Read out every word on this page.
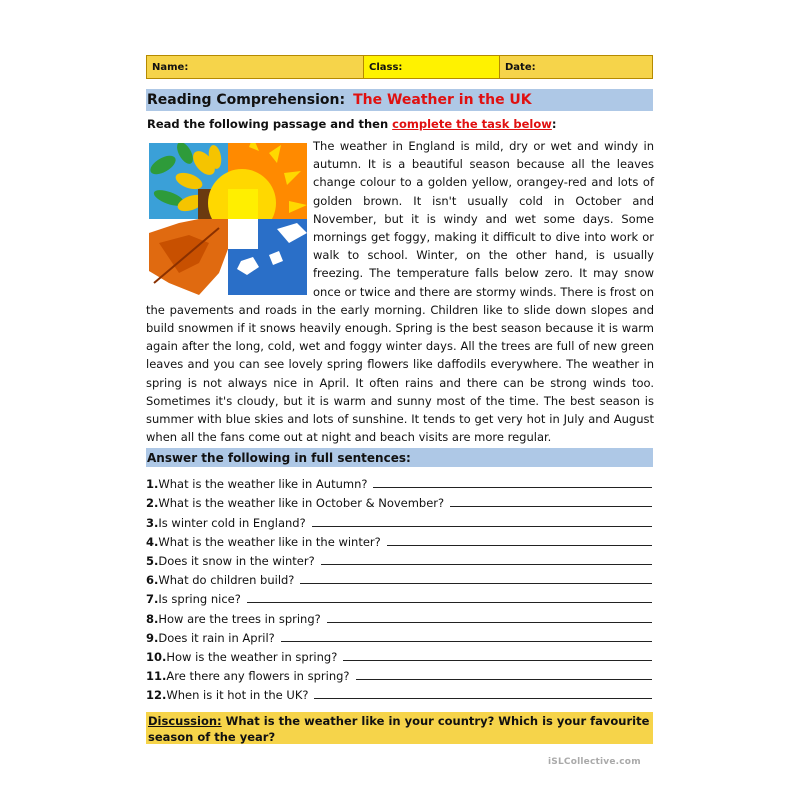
Name:	Class:	Date:
Reading Comprehension: The Weather in the UK
Read the following passage and then complete the task below:
The weather in England is mild, dry or wet and windy in autumn. It is a beautiful season because all the leaves change colour to a golden yellow, orangey-red and lots of golden brown. It isn't usually cold in October and November, but it is windy and wet some days. Some mornings get foggy, making it difficult to dive into work or walk to school. Winter, on the other hand, is usually freezing. The temperature falls below zero. It may snow once or twice and there are stormy winds. There is frost on the pavements and roads in the early morning. Children like to slide down slopes and build snowmen if it snows heavily enough. Spring is the best season because it is warm again after the long, cold, wet and foggy winter days. All the trees are full of new green leaves and you can see lovely spring flowers like daffodils everywhere. The weather in spring is not always nice in April. It often rains and there can be strong winds too. Sometimes it's cloudy, but it is warm and sunny most of the time. The best season is summer with blue skies and lots of sunshine. It tends to get very hot in July and August when all the fans come out at night and beach visits are more regular.
Answer the following in full sentences:
1. What is the weather like in Autumn?
2. What is the weather like in October & November?
3. Is winter cold in England?
4. What is the weather like in the winter?
5. Does it snow in the winter?
6. What do children build?
7. Is spring nice?
8. How are the trees in spring?
9. Does it rain in April?
10. How is the weather in spring?
11. Are there any flowers in spring?
12. When is it hot in the UK?
Discussion: What is the weather like in your country? Which is your favourite season of the year?
iSLCollective.com
